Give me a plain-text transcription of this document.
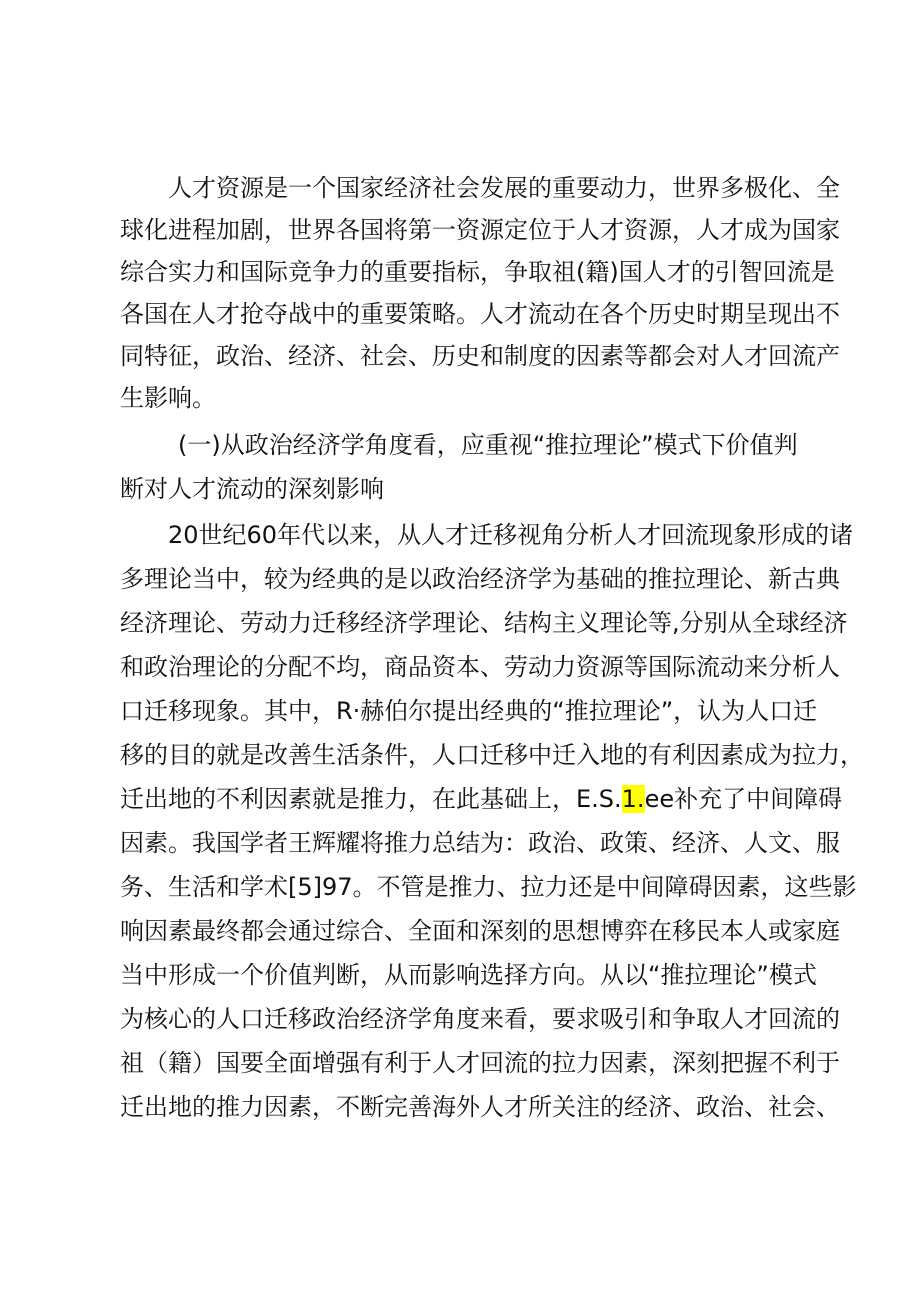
人才资源是一个国家经济社会发展的重要动力，世界多极化、全
球化进程加剧，世界各国将第一资源定位于人才资源，人才成为国家
综合实力和国际竞争力的重要指标，争取祖(籍)国人才的引智回流是
各国在人才抢夺战中的重要策略。人才流动在各个历史时期呈现出不
同特征，政治、经济、社会、历史和制度的因素等都会对人才回流产
生影响。
(一)从政治经济学角度看，应重视“推拉理论”模式下价值判
断对人才流动的深刻影响
20世纪60年代以来，从人才迁移视角分析人才回流现象形成的诸
多理论当中，较为经典的是以政治经济学为基础的推拉理论、新古典
经济理论、劳动力迁移经济学理论、结构主义理论等,分别从全球经济
和政治理论的分配不均，商品资本、劳动力资源等国际流动来分析人
口迁移现象。其中，R·赫伯尔提出经典的“推拉理论”，认为人口迁
移的目的就是改善生活条件，人口迁移中迁入地的有利因素成为拉力，
迁出地的不利因素就是推力，在此基础上，E.S.1.ee补充了中间障碍
因素。我国学者王辉耀将推力总结为：政治、政策、经济、人文、服
务、生活和学术[5]97。不管是推力、拉力还是中间障碍因素，这些影
响因素最终都会通过综合、全面和深刻的思想博弈在移民本人或家庭
当中形成一个价值判断，从而影响选择方向。从以“推拉理论”模式
为核心的人口迁移政治经济学角度来看，要求吸引和争取人才回流的
祖（籍）国要全面增强有利于人才回流的拉力因素，深刻把握不利于
迁出地的推力因素，不断完善海外人才所关注的经济、政治、社会、
